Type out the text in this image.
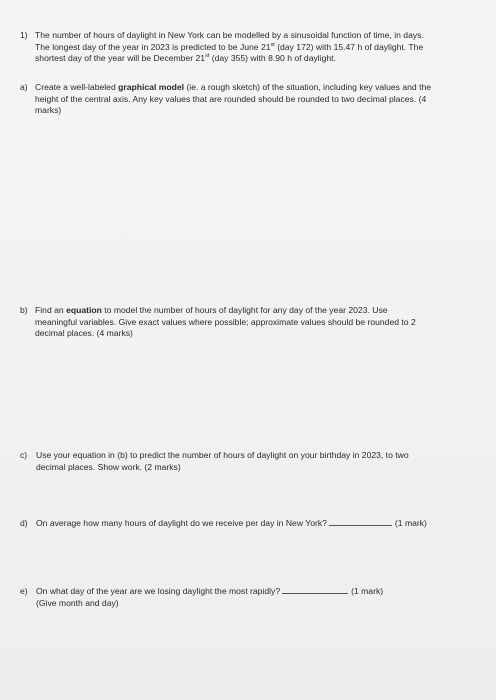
1) The number of hours of daylight in New York can be modelled by a sinusoidal function of time, in days.
The longest day of the year in 2023 is predicted to be June 21st (day 172) with 15.47 h of daylight. The
shortest day of the year will be December 21st (day 355) with 8.90 h of daylight.
a) Create a well-labeled graphical model (ie. a rough sketch) of the situation, including key values and the
height of the central axis. Any key values that are rounded should be rounded to two decimal places. (4
marks)
b) Find an equation to model the number of hours of daylight for any day of the year 2023. Use
meaningful variables. Give exact values where possible; approximate values should be rounded to 2
decimal places. (4 marks)
c) Use your equation in (b) to predict the number of hours of daylight on your birthday in 2023, to two
decimal places. Show work. (2 marks)
d) On average how many hours of daylight do we receive per day in New York?	(1 mark)
e) On what day of the year are we losing daylight the most rapidly?	(1 mark)
(Give month and day)
